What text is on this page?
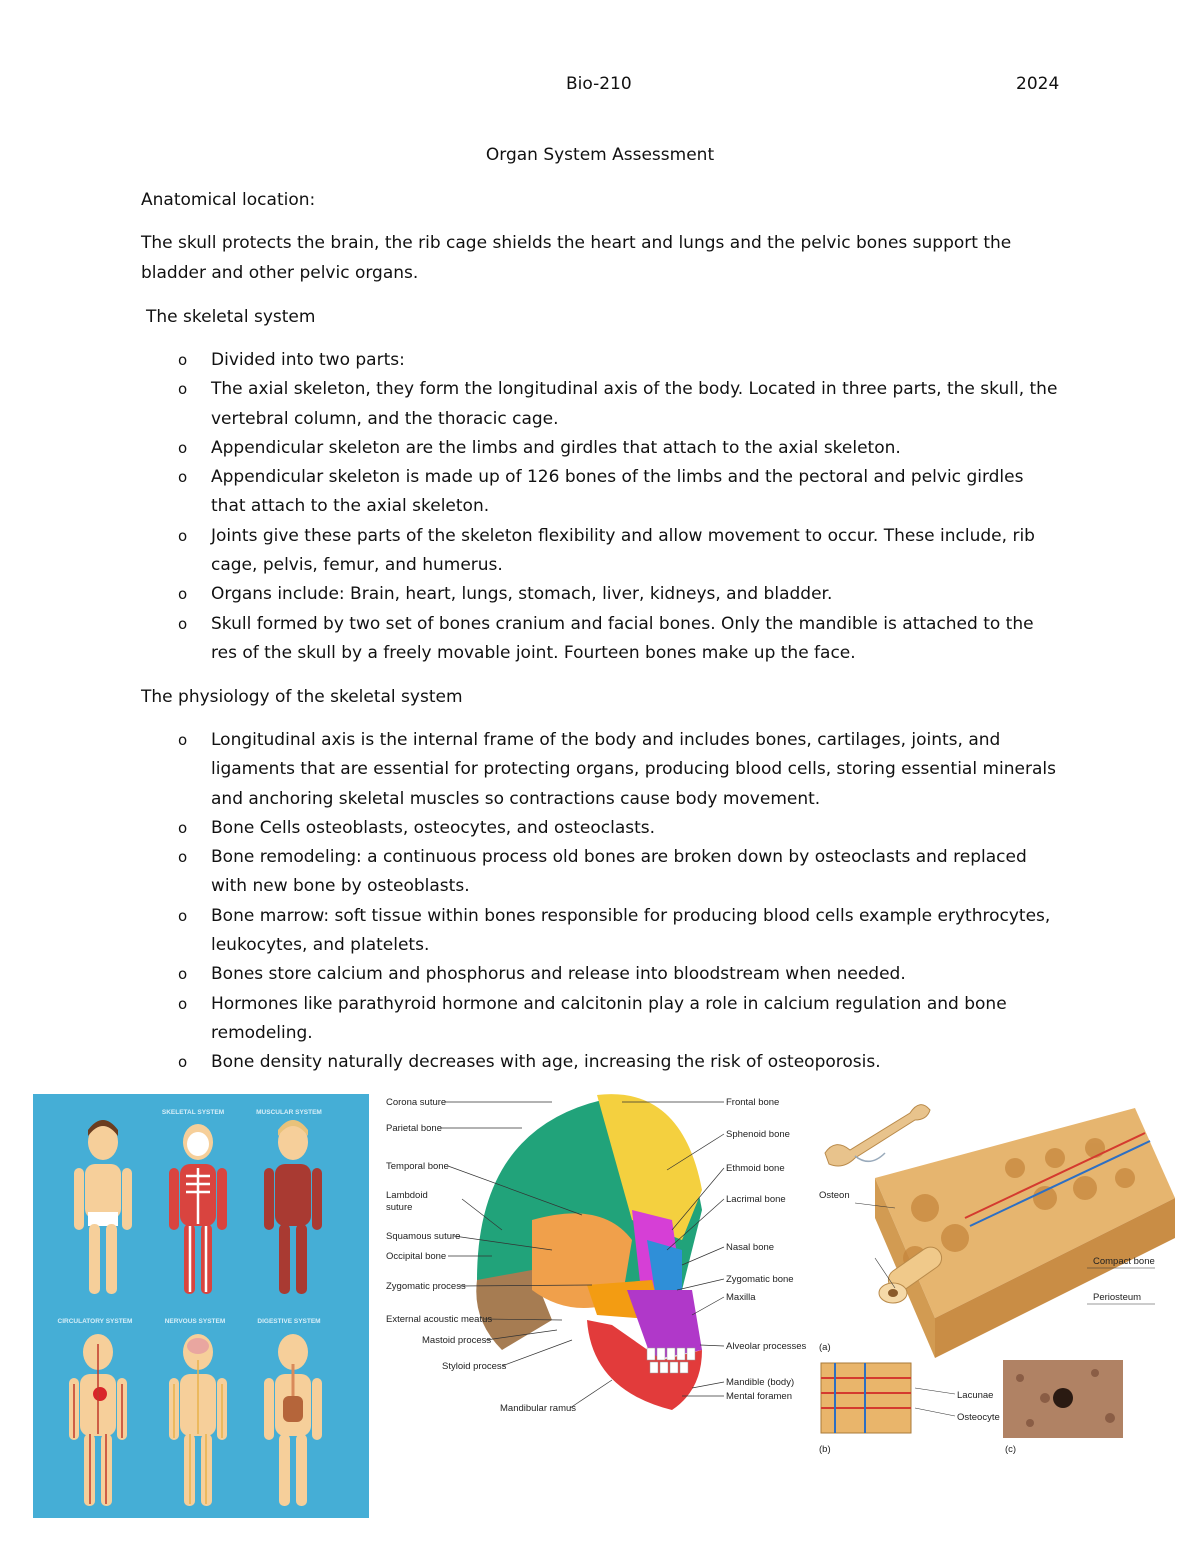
Bio-210	2024
Organ System Assessment
Anatomical location:
The skull protects the brain, the rib cage shields the heart and lungs and the pelvic bones support the bladder and other pelvic organs.
The skeletal system
o Divided into two parts:
o The axial skeleton, they form the longitudinal axis of the body. Located in three parts, the skull, the vertebral column, and the thoracic cage.
o Appendicular skeleton are the limbs and girdles that attach to the axial skeleton.
o Appendicular skeleton is made up of 126 bones of the limbs and the pectoral and pelvic girdles that attach to the axial skeleton.
o Joints give these parts of the skeleton flexibility and allow movement to occur. These include, rib cage, pelvis, femur, and humerus.
o Organs include: Brain, heart, lungs, stomach, liver, kidneys, and bladder.
o Skull formed by two set of bones cranium and facial bones. Only the mandible is attached to the res of the skull by a freely movable joint. Fourteen bones make up the face.
The physiology of the skeletal system
o Longitudinal axis is the internal frame of the body and includes bones, cartilages, joints, and ligaments that are essential for protecting organs, producing blood cells, storing essential minerals and anchoring skeletal muscles so contractions cause body movement.
o Bone Cells osteoblasts, osteocytes, and osteoclasts.
o Bone remodeling: a continuous process old bones are broken down by osteoclasts and replaced with new bone by osteoblasts.
o Bone marrow: soft tissue within bones responsible for producing blood cells example erythrocytes, leukocytes, and platelets.
o Bones store calcium and phosphorus and release into bloodstream when needed.
o Hormones like parathyroid hormone and calcitonin play a role in calcium regulation and bone remodeling.
o Bone density naturally decreases with age, increasing the risk of osteoporosis.
SKELETAL SYSTEM	MUSCULAR SYSTEM
CIRCULATORY SYSTEM	NERVOUS SYSTEM	DIGESTIVE SYSTEM
Corona suture
Parietal bone
Temporal bone
Lambdoid
suture
Squamous suture
Occipital bone
Zygomatic process
External acoustic meatus
Mastoid process
Styloid process
Mandibular ramus
Frontal bone
Sphenoid bone
Ethmoid bone
Lacrimal bone
Nasal bone
Zygomatic bone
Maxilla
Alveolar processes
Mandible (body)
Mental foramen
Osteon
Compact bone
Periosteum
Lacunae
Osteocyte
(a)
(b)	(c)
